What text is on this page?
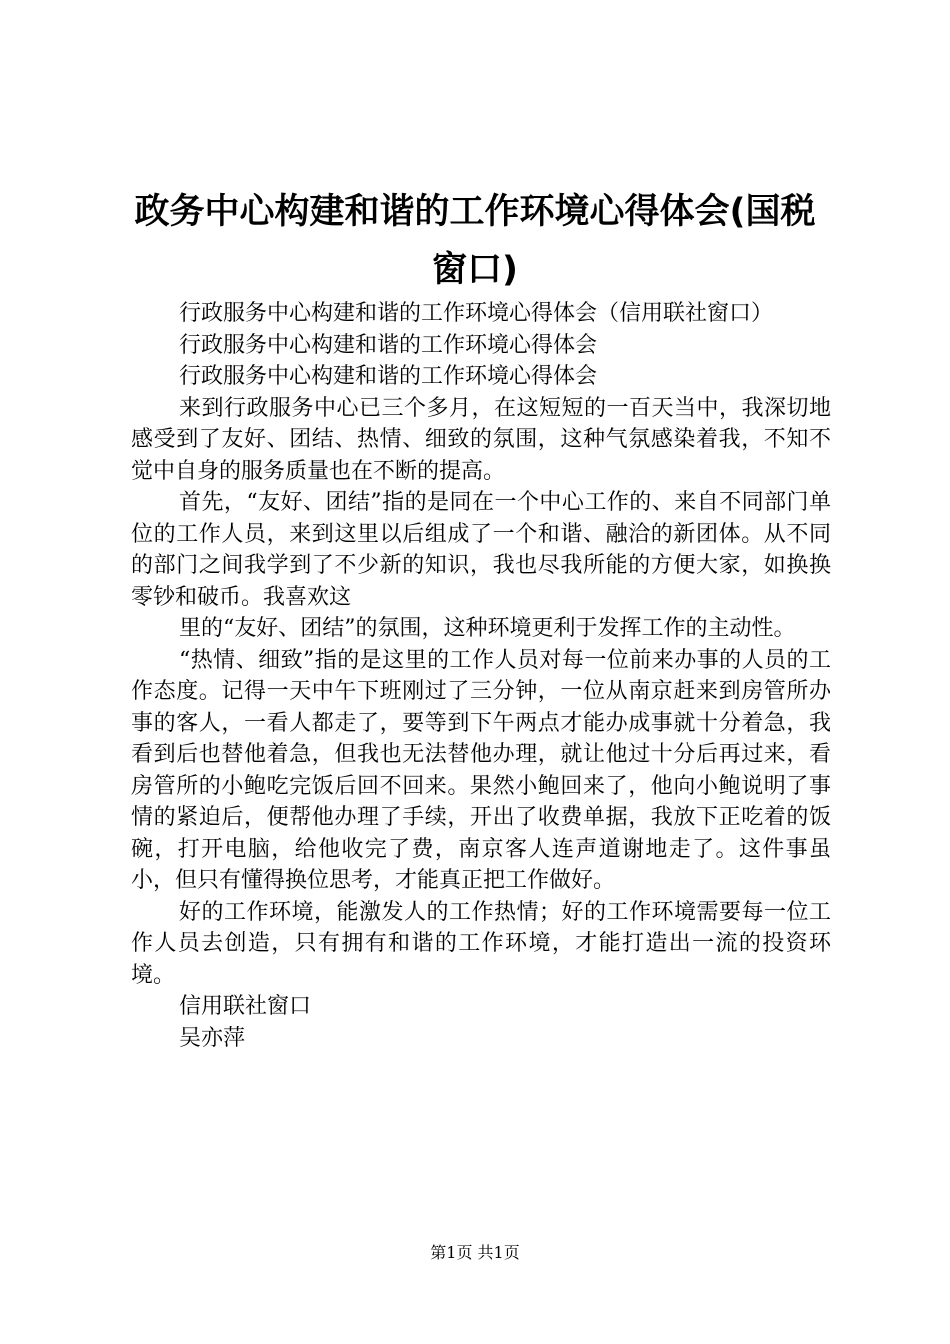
政务中心构建和谐的工作环境心得体会(国税窗口)

行政服务中心构建和谐的工作环境心得体会（信用联社窗口）

行政服务中心构建和谐的工作环境心得体会

行政服务中心构建和谐的工作环境心得体会

来到行政服务中心已三个多月，在这短短的一百天当中，我深切地感受到了友好、团结、热情、细致的氛围，这种气氛感染着我，不知不觉中自身的服务质量也在不断的提高。

首先，“友好、团结”指的是同在一个中心工作的、来自不同部门单位的工作人员，来到这里以后组成了一个和谐、融洽的新团体。从不同的部门之间我学到了不少新的知识，我也尽我所能的方便大家，如换换零钞和破币。我喜欢这

里的“友好、团结”的氛围，这种环境更利于发挥工作的主动性。

“热情、细致”指的是这里的工作人员对每一位前来办事的人员的工作态度。记得一天中午下班刚过了三分钟，一位从南京赶来到房管所办事的客人，一看人都走了，要等到下午两点才能办成事就十分着急，我看到后也替他着急，但我也无法替他办理，就让他过十分后再过来，看房管所的小鲍吃完饭后回不回来。果然小鲍回来了，他向小鲍说明了事情的紧迫后，便帮他办理了手续，开出了收费单据，我放下正吃着的饭碗，打开电脑，给他收完了费，南京客人连声道谢地走了。这件事虽小，但只有懂得换位思考，才能真正把工作做好。

好的工作环境，能激发人的工作热情；好的工作环境需要每一位工作人员去创造，只有拥有和谐的工作环境，才能打造出一流的投资环境。

信用联社窗口

吴亦萍

第1页 共1页
